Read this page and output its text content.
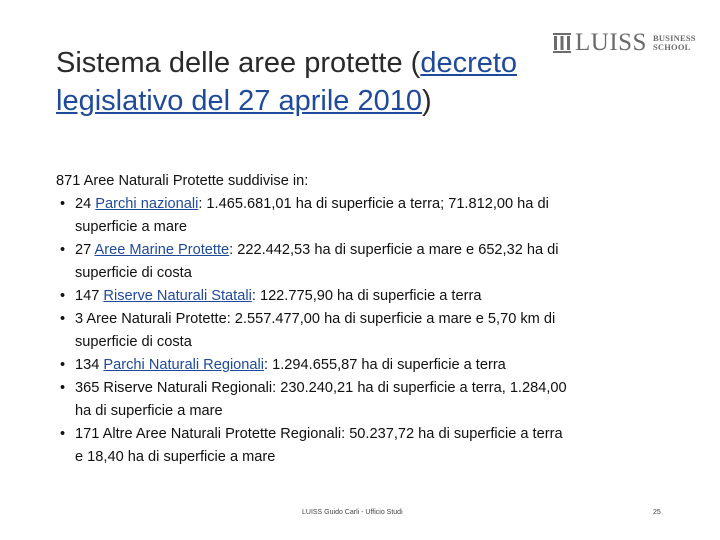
Sistema delle aree protette (decreto
legislativo del 27 aprile 2010)
LUISS BUSINESS
SCHOOL

871 Aree Naturali Protette suddivise in:

• 24 Parchi nazionali: 1.465.681,01 ha di superficie a terra; 71.812,00 ha di
superficie a mare
• 27 Aree Marine Protette: 222.442,53 ha di superficie a mare e 652,32 ha di
superficie di costa
• 147 Riserve Naturali Statali: 122.775,90 ha di superficie a terra
• 3 Aree Naturali Protette: 2.557.477,00 ha di superficie a mare e 5,70 km di
superficie di costa
• 134 Parchi Naturali Regionali: 1.294.655,87 ha di superficie a terra
• 365 Riserve Naturali Regionali: 230.240,21 ha di superficie a terra, 1.284,00
ha di superficie a mare
• 171 Altre Aree Naturali Protette Regionali: 50.237,72 ha di superficie a terra
e 18,40 ha di superficie a mare
LUISS Guido Carli - Ufficio Studi	25
